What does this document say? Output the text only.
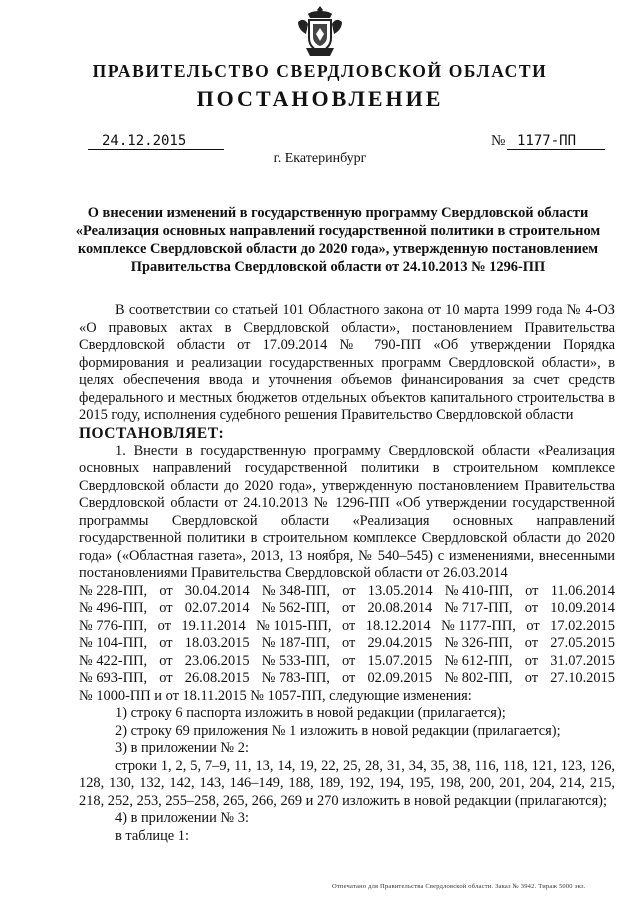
ПРАВИТЕЛЬСТВО СВЕРДЛОВСКОЙ ОБЛАСТИ
ПОСТАНОВЛЕНИЕ
24.12.2015	№ 1177-ПП
г. Екатеринбург
О внесении изменений в государственную программу Свердловской области
«Реализация основных направлений государственной политики в строительном
комплексе Свердловской области до 2020 года», утвержденную постановлением
Правительства Свердловской области от 24.10.2013 № 1296-ПП

В соответствии со статьей 101 Областного закона от 10 марта 1999 года № 4-ОЗ «О правовых актах в Свердловской области», постановлением Правительства Свердловской области от 17.09.2014 № 790-ПП «Об утверждении Порядка формирования и реализации государственных программ Свердловской области», в целях обеспечения ввода и уточнения объемов финансирования за счет средств федерального и местных бюджетов отдельных объектов капитального строительства в 2015 году, исполнения судебного решения Правительство Свердловской области

ПОСТАНОВЛЯЕТ:

1. Внести в государственную программу Свердловской области «Реализация основных направлений государственной политики в строительном комплексе Свердловской области до 2020 года», утвержденную постановлением Правительства Свердловской области от 24.10.2013 № 1296-ПП «Об утверждении государственной программы Свердловской области «Реализация основных направлений государственной политики в строительном комплексе Свердловской области до 2020 года» («Областная газета», 2013, 13 ноября, № 540–545) с изменениями, внесенными постановлениями Правительства Свердловской области от 26.03.2014

№ 228-ПП, от 30.04.2014 № 348-ПП, от 13.05.2014 № 410-ПП, от 11.06.2014
№ 496-ПП, от 02.07.2014 № 562-ПП, от 20.08.2014 № 717-ПП, от 10.09.2014
№ 776-ПП, от 19.11.2014 № 1015-ПП, от 18.12.2014 № 1177-ПП, от 17.02.2015
№ 104-ПП, от 18.03.2015 № 187-ПП, от 29.04.2015 № 326-ПП, от 27.05.2015
№ 422-ПП, от 23.06.2015 № 533-ПП, от 15.07.2015 № 612-ПП, от 31.07.2015
№ 693-ПП, от 26.08.2015 № 783-ПП, от 02.09.2015 № 802-ПП, от 27.10.2015

№ 1000-ПП и от 18.11.2015 № 1057-ПП, следующие изменения:

1) строку 6 паспорта изложить в новой редакции (прилагается);

2) строку 69 приложения № 1 изложить в новой редакции (прилагается);

3) в приложении № 2:

строки 1, 2, 5, 7–9, 11, 13, 14, 19, 22, 25, 28, 31, 34, 35, 38, 116, 118, 121, 123, 126, 128, 130, 132, 142, 143, 146–149, 188, 189, 192, 194, 195, 198, 200, 201, 204, 214, 215, 218, 252, 253, 255–258, 265, 266, 269 и 270 изложить в новой редакции (прилагаются);

4) в приложении № 3:

в таблице 1:

Отпечатано для Правительства Свердловской области. Заказ № 3942. Тираж 5000 экз.
